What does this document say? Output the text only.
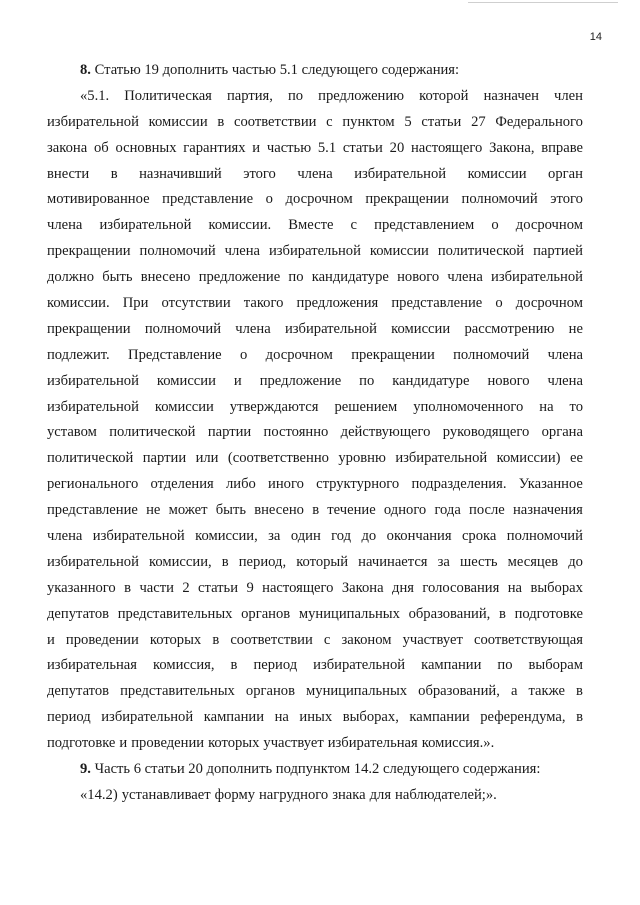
14
8. Статью 19 дополнить частью 5.1 следующего содержания:
«5.1. Политическая партия, по предложению которой назначен член
избирательной комиссии в соответствии с пунктом 5 статьи 27 Федерального
закона об основных гарантиях и частью 5.1 статьи 20 настоящего Закона, вправе
внести в назначивший этого члена избирательной комиссии орган
мотивированное представление о досрочном прекращении полномочий этого
члена избирательной комиссии. Вместе с представлением о досрочном
прекращении полномочий члена избирательной комиссии политической партией
должно быть внесено предложение по кандидатуре нового члена избирательной
комиссии. При отсутствии такого предложения представление о досрочном
прекращении полномочий члена избирательной комиссии рассмотрению не
подлежит. Представление о досрочном прекращении полномочий члена
избирательной комиссии и предложение по кандидатуре нового члена
избирательной комиссии утверждаются решением уполномоченного на то
уставом политической партии постоянно действующего руководящего органа
политической партии или (соответственно уровню избирательной комиссии) ее
регионального отделения либо иного структурного подразделения. Указанное
представление не может быть внесено в течение одного года после назначения
члена избирательной комиссии, за один год до окончания срока полномочий
избирательной комиссии, в период, который начинается за шесть месяцев до
указанного в части 2 статьи 9 настоящего Закона дня голосования на выборах
депутатов представительных органов муниципальных образований, в подготовке
и проведении которых в соответствии с законом участвует соответствующая
избирательная комиссия, в период избирательной кампании по выборам
депутатов представительных органов муниципальных образований, а также в
период избирательной кампании на иных выборах, кампании референдума, в
подготовке и проведении которых участвует избирательная комиссия.».
9. Часть 6 статьи 20 дополнить подпунктом 14.2 следующего содержания:
«14.2) устанавливает форму нагрудного знака для наблюдателей;».
